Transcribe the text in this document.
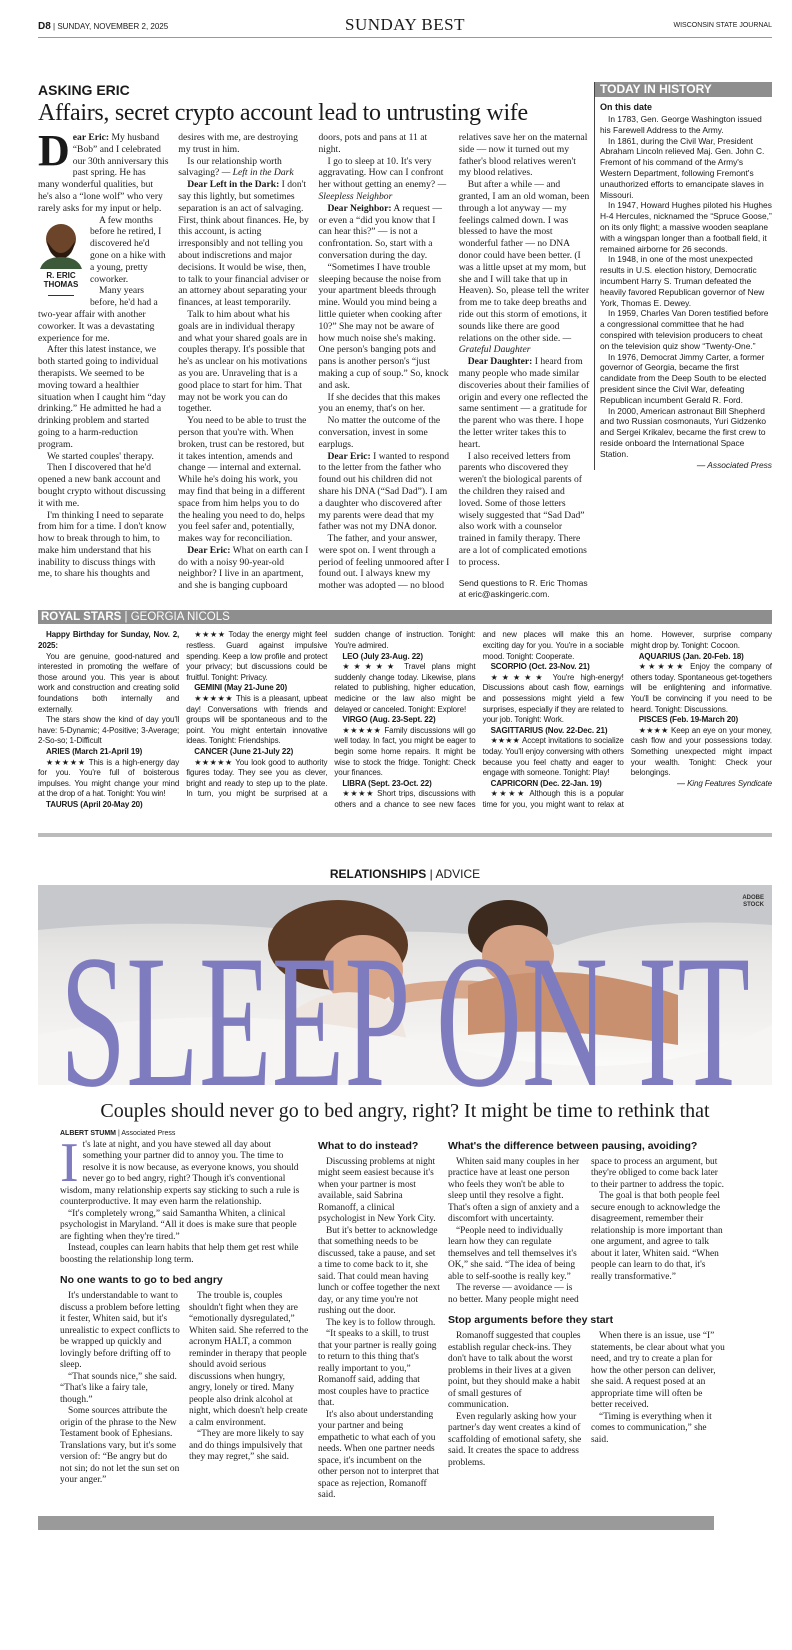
D8 | SUNDAY, NOVEMBER 2, 2025	SUNDAY BEST	WISCONSIN STATE JOURNAL
ASKING ERIC
Affairs, secret crypto account lead to untrusting wife

Dear Eric: My husband “Bob” and I celebrated our 30th anniversary this past spring. He has many wonderful qualities, but he's also a “lone wolf” who very rarely asks for my input or help.

R. ERIC THOMAS

A few months before he retired, I discovered he'd gone on a hike with a young, pretty coworker.

Many years before, he'd had a two-year affair with another coworker. It was a devastating experience for me.

After this latest instance, we both started going to individual therapists. We seemed to be moving toward a healthier situation when I caught him “day drinking.” He admitted he had a drinking problem and started going to a harm-reduction program.

We started couples' therapy.

Then I discovered that he'd opened a new bank account and bought crypto without discussing it with me.

I'm thinking I need to separate from him for a time. I don't know how to break through to him, to make him understand that his inability to discuss things with me, to share his thoughts and desires with me, are destroying my trust in him.

Is our relationship worth salvaging? — Left in the Dark

Dear Left in the Dark: I don't say this lightly, but sometimes separation is an act of salvaging. First, think about finances. He, by this account, is acting irresponsibly and not telling you about indiscretions and major decisions. It would be wise, then, to talk to your financial adviser or an attorney about separating your finances, at least temporarily.

Talk to him about what his goals are in individual therapy and what your shared goals are in couples therapy. It's possible that he's as unclear on his motivations as you are. Unraveling that is a good place to start for him. That may not be work you can do together.

You need to be able to trust the person that you're with. When broken, trust can be restored, but it takes intention, amends and change — internal and external. While he's doing his work, you may find that being in a different space from him helps you to do the healing you need to do, helps you feel safer and, potentially, makes way for reconciliation.

Dear Eric: What on earth can I do with a noisy 90-year-old neighbor? I live in an apartment, and she is banging cupboard doors, pots and pans at 11 at night.

I go to sleep at 10. It's very aggravating. How can I confront her without getting an enemy? — Sleepless Neighbor

Dear Neighbor: A request — or even a “did you know that I can hear this?” — is not a confrontation. So, start with a conversation during the day.

“Sometimes I have trouble sleeping because the noise from your apartment bleeds through mine. Would you mind being a little quieter when cooking after 10?” She may not be aware of how much noise she's making. One person's banging pots and pans is another person's “just making a cup of soup.” So, knock and ask.

If she decides that this makes you an enemy, that's on her.

No matter the outcome of the conversation, invest in some earplugs.

Dear Eric: I wanted to respond to the letter from the father who found out his children did not share his DNA (“Sad Dad”). I am a daughter who discovered after my parents were dead that my father was not my DNA donor.

The father, and your answer, were spot on. I went through a period of feeling unmoored after I found out. I always knew my mother was adopted — no blood relatives save her on the maternal side — now it turned out my father's blood relatives weren't my blood relatives.

But after a while — and granted, I am an old woman, been through a lot anyway — my feelings calmed down. I was blessed to have the most wonderful father — no DNA donor could have been better. (I was a little upset at my mom, but she and I will take that up in Heaven). So, please tell the writer from me to take deep breaths and ride out this storm of emotions, it sounds like there are good relations on the other side. — Grateful Daughter

Dear Daughter: I heard from many people who made similar discoveries about their families of origin and every one reflected the same sentiment — a gratitude for the parent who was there. I hope the letter writer takes this to heart.

I also received letters from parents who discovered they weren't the biological parents of the children they raised and loved. Some of those letters wisely suggested that “Sad Dad” also work with a counselor trained in family therapy. There are a lot of complicated emotions to process.

Send questions to R. Eric Thomas at eric@askingeric.com.

TODAY IN HISTORY
On this date

In 1783, Gen. George Washington issued his Farewell Address to the Army.

In 1861, during the Civil War, President Abraham Lincoln relieved Maj. Gen. John C. Fremont of his command of the Army's Western Department, following Fremont's unauthorized efforts to emancipate slaves in Missouri.

In 1947, Howard Hughes piloted his Hughes H-4 Hercules, nicknamed the “Spruce Goose,” on its only flight; a massive wooden seaplane with a wingspan longer than a football field, it remained airborne for 26 seconds.

In 1948, in one of the most unexpected results in U.S. election history, Democratic incumbent Harry S. Truman defeated the heavily favored Republican governor of New York, Thomas E. Dewey.

In 1959, Charles Van Doren testified before a congressional committee that he had conspired with television producers to cheat on the television quiz show “Twenty-One.”

In 1976, Democrat Jimmy Carter, a former governor of Georgia, became the first candidate from the Deep South to be elected president since the Civil War, defeating Republican incumbent Gerald R. Ford.

In 2000, American astronaut Bill Shepherd and two Russian cosmonauts, Yuri Gidzenko and Sergei Krikalev, became the first crew to reside onboard the International Space Station.

— Associated Press

ROYAL STARS | GEORGIA NICOLS

Happy Birthday for Sunday, Nov. 2, 2025:

You are genuine, good-natured and interested in promoting the welfare of those around you. This year is about work and construction and creating solid foundations both internally and externally.

The stars show the kind of day you'll have: 5-Dynamic; 4-Positive; 3-Average; 2-So-so; 1-Difficult

ARIES (March 21-April 19)

★★★★★ This is a high-energy day for you. You're full of boisterous impulses. You might change your mind at the drop of a hat. Tonight: You win!

TAURUS (April 20-May 20)

★★★★ Today the energy might feel restless. Guard against impulsive spending. Keep a low profile and protect your privacy; but discussions could be fruitful. Tonight: Privacy.

GEMINI (May 21-June 20)

★★★★★ This is a pleasant, upbeat day! Conversations with friends and groups will be spontaneous and to the point. You might entertain innovative ideas. Tonight: Friendships.

CANCER (June 21-July 22)

★★★★★ You look good to authority figures today. They see you as clever, bright and ready to step up to the plate. In turn, you might be surprised at a sudden change of instruction. Tonight: You're admired.

LEO (July 23-Aug. 22)

★★★★★ Travel plans might suddenly change today. Likewise, plans related to publishing, higher education, medicine or the law also might be delayed or canceled. Tonight: Explore!

VIRGO (Aug. 23-Sept. 22)

★★★★★ Family discussions will go well today. In fact, you might be eager to begin some home repairs. It might be wise to stock the fridge. Tonight: Check your finances.

LIBRA (Sept. 23-Oct. 22)

★★★★ Short trips, discussions with others and a chance to see new faces and new places will make this an exciting day for you. You're in a sociable mood. Tonight: Cooperate.

SCORPIO (Oct. 23-Nov. 21)

★★★★★ You're high-energy! Discussions about cash flow, earnings and possessions might yield a few surprises, especially if they are related to your job. Tonight: Work.

SAGITTARIUS (Nov. 22-Dec. 21)

★★★★ Accept invitations to socialize today. You'll enjoy conversing with others because you feel chatty and eager to engage with someone. Tonight: Play!

CAPRICORN (Dec. 22-Jan. 19)

★★★★ Although this is a popular time for you, you might want to relax at home. However, surprise company might drop by. Tonight: Cocoon.

AQUARIUS (Jan. 20-Feb. 18)

★★★★★ Enjoy the company of others today. Spontaneous get-togethers will be enlightening and informative. You'll be convincing if you need to be heard. Tonight: Discussions.

PISCES (Feb. 19-March 20)

★★★★ Keep an eye on your money, cash flow and your possessions today. Something unexpected might impact your wealth. Tonight: Check your belongings.

— King Features Syndicate

RELATIONSHIPS | ADVICE
ADOBE
STOCK
SLEEP ON IT
Couples should never go to bed angry, right? It might be time to rethink that
ALBERT STUMM | Associated Press

It's late at night, and you have stewed all day about something your partner did to annoy you. The time to resolve it is now because, as everyone knows, you should never go to bed angry, right? Though it's conventional wisdom, many relationship experts say sticking to such a rule is counterproductive. It may even harm the relationship.

“It's completely wrong,” said Samantha Whiten, a clinical psychologist in Maryland. “All it does is make sure that people are fighting when they're tired.”

Instead, couples can learn habits that help them get rest while boosting the relationship long term.

No one wants to go to bed angry

It's understandable to want to discuss a problem before letting it fester, Whiten said, but it's unrealistic to expect conflicts to be wrapped up quickly and lovingly before drifting off to sleep.

“That sounds nice,” she said. “That's like a fairy tale, though.”

Some sources attribute the origin of the phrase to the New Testament book of Ephesians. Translations vary, but it's some version of: “Be angry but do not sin; do not let the sun set on your anger.”

The trouble is, couples shouldn't fight when they are “emotionally dysregulated,” Whiten said. She referred to the acronym HALT, a common reminder in therapy that people should avoid serious discussions when hungry, angry, lonely or tired. Many people also drink alcohol at night, which doesn't help create a calm environment.

“They are more likely to say and do things impulsively that they may regret,” she said.

What to do instead?

Discussing problems at night might seem easiest because it's when your partner is most available, said Sabrina Romanoff, a clinical psychologist in New York City.

But it's better to acknowledge that something needs to be discussed, take a pause, and set a time to come back to it, she said. That could mean having lunch or coffee together the next day, or any time you're not rushing out the door.

The key is to follow through.

“It speaks to a skill, to trust that your partner is really going to return to this thing that's really important to you,” Romanoff said, adding that most couples have to practice that.

It's also about understanding your partner and being empathetic to what each of you needs. When one partner needs space, it's incumbent on the other person not to interpret that space as rejection, Romanoff said.

What's the difference between pausing, avoiding?

Whiten said many couples in her practice have at least one person who feels they won't be able to sleep until they resolve a fight. That's often a sign of anxiety and a discomfort with uncertainty.

“People need to individually learn how they can regulate themselves and tell themselves it's OK,” she said. “The idea of being able to self-soothe is really key.”

The reverse — avoidance — is no better. Many people might need space to process an argument, but they're obliged to come back later to their partner to address the topic.

The goal is that both people feel secure enough to acknowledge the disagreement, remember their relationship is more important than one argument, and agree to talk about it later, Whiten said. “When people can learn to do that, it's really transformative.”

Stop arguments before they start

Romanoff suggested that couples establish regular check-ins. They don't have to talk about the worst problems in their lives at a given point, but they should make a habit of small gestures of communication.

Even regularly asking how your partner's day went creates a kind of scaffolding of emotional safety, she said. It creates the space to address problems.

When there is an issue, use “I” statements, be clear about what you need, and try to create a plan for how the other person can deliver, she said. A request posed at an appropriate time will often be better received.

“Timing is everything when it comes to communication,” she said.
